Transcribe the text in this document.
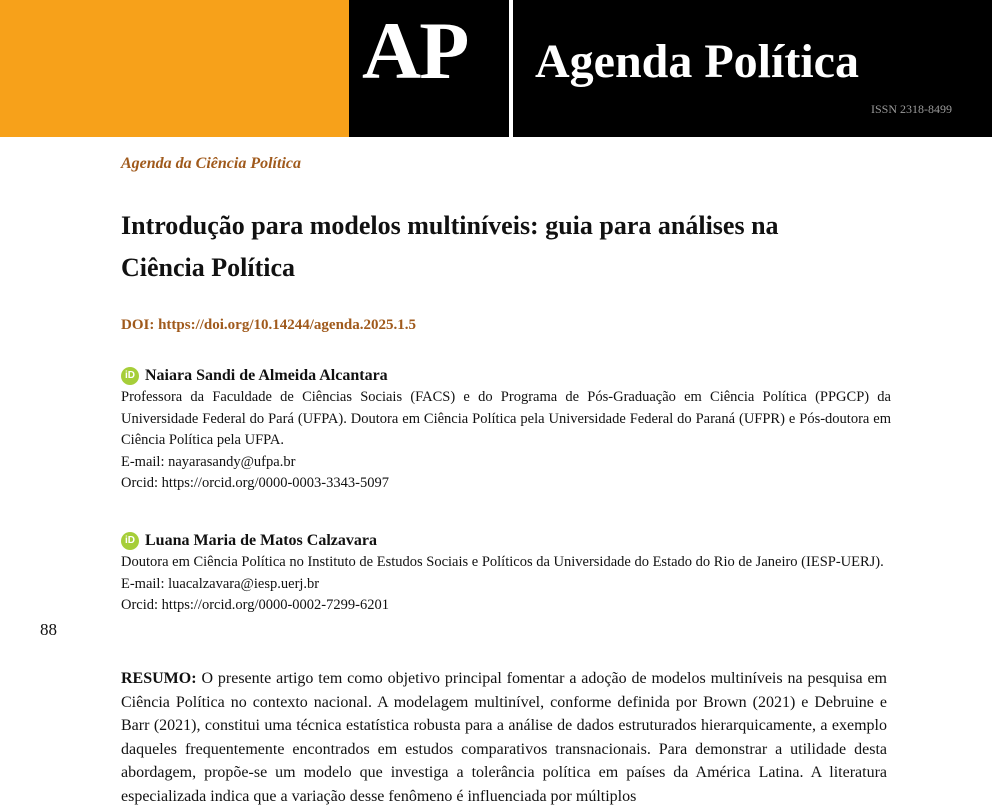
AP Agenda Política
ISSN 2318-8499
Agenda da Ciência Política
Introdução para modelos multiníveis: guia para análises na Ciência Política
DOI: https://doi.org/10.14244/agenda.2025.1.5
iD Naiara Sandi de Almeida Alcantara
Professora da Faculdade de Ciências Sociais (FACS) e do Programa de Pós-Graduação em Ciência Política (PPGCP) da Universidade Federal do Pará (UFPA). Doutora em Ciência Política pela Universidade Federal do Paraná (UFPR) e Pós-doutora em Ciência Política pela UFPA.
E-mail: nayarasandy@ufpa.br
Orcid: https://orcid.org/0000-0003-3343-5097
iD Luana Maria de Matos Calzavara
Doutora em Ciência Política no Instituto de Estudos Sociais e Políticos da Universidade do Estado do Rio de Janeiro (IESP-UERJ).
E-mail: luacalzavara@iesp.uerj.br
Orcid: https://orcid.org/0000-0002-7299-6201
88
RESUMO: O presente artigo tem como objetivo principal fomentar a adoção de modelos multiníveis na pesquisa em Ciência Política no contexto nacional. A modelagem multinível, conforme definida por Brown (2021) e Debruine e Barr (2021), constitui uma técnica estatística robusta para a análise de dados estruturados hierarquicamente, a exemplo daqueles frequentemente encontrados em estudos comparativos transnacionais. Para demonstrar a utilidade desta abordagem, propõe-se um modelo que investiga a tolerância política em países da América Latina. A literatura especializada indica que a variação desse fenômeno é influenciada por múltiplos
